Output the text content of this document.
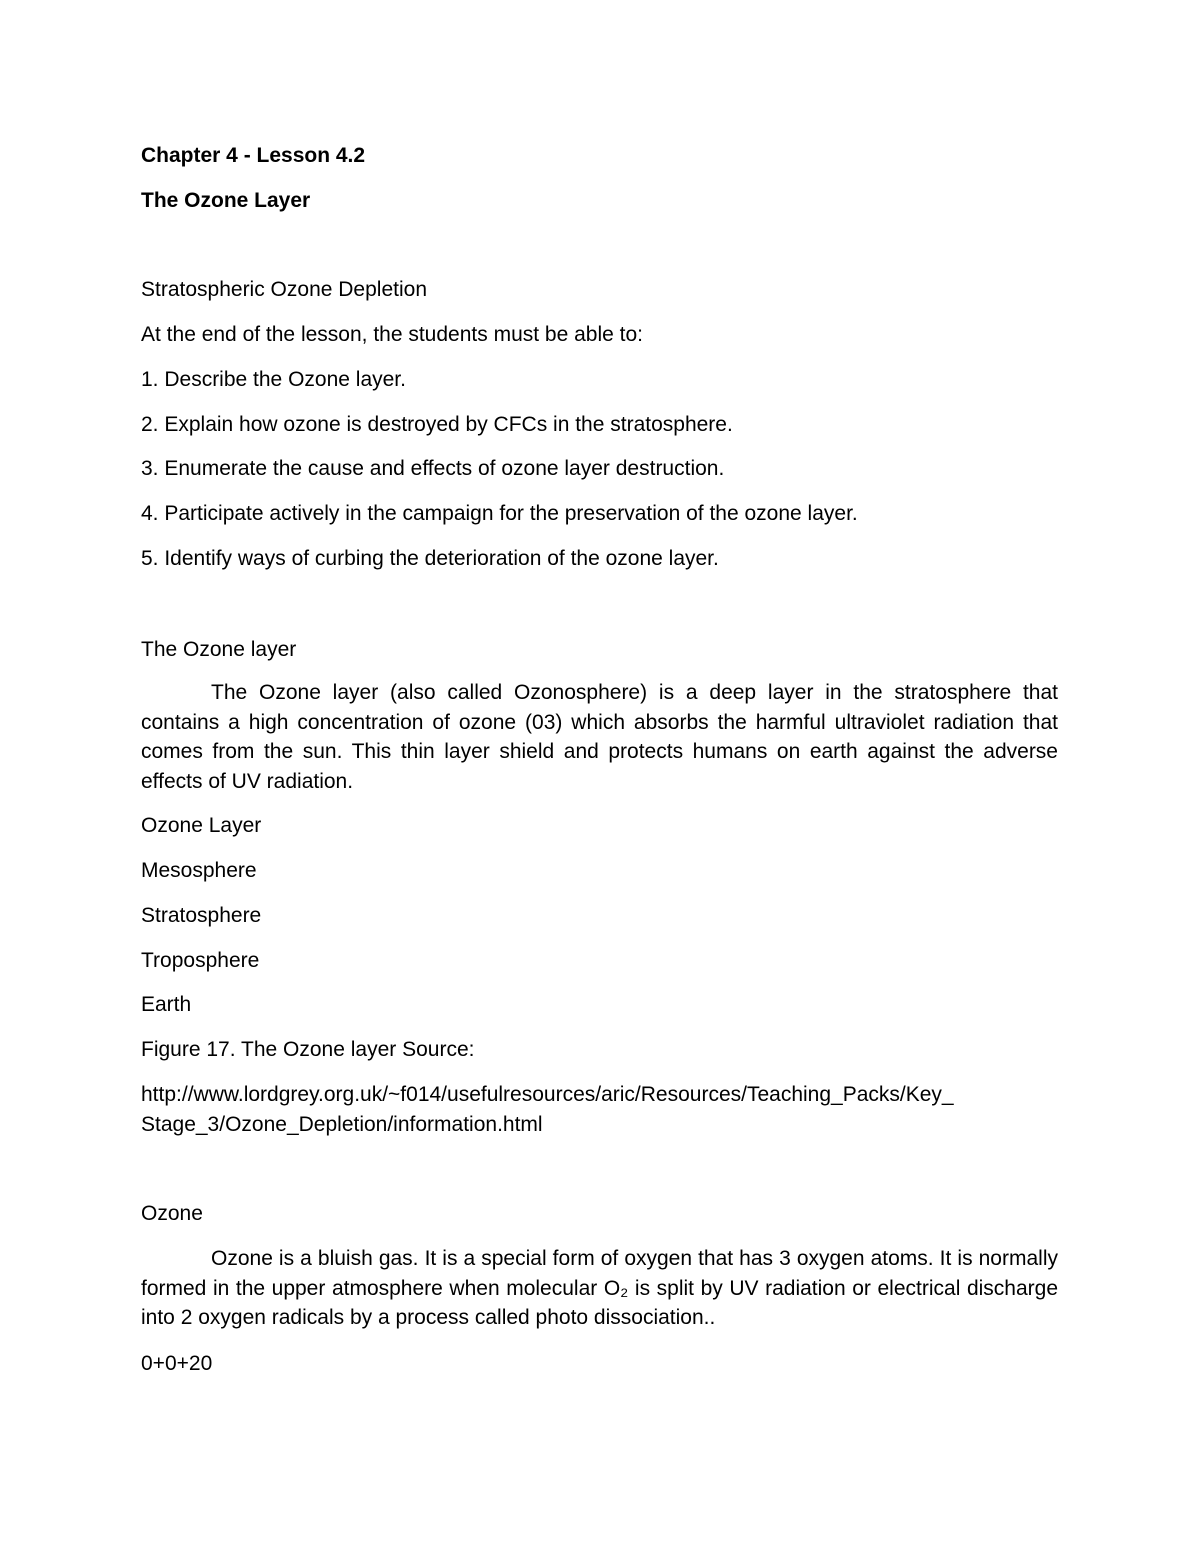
Chapter 4 - Lesson 4.2
The Ozone Layer
Stratospheric Ozone Depletion
At the end of the lesson, the students must be able to:
1. Describe the Ozone layer.
2. Explain how ozone is destroyed by CFCs in the stratosphere.
3. Enumerate the cause and effects of ozone layer destruction.
4. Participate actively in the campaign for the preservation of the ozone layer.
5. Identify ways of curbing the deterioration of the ozone layer.
The Ozone layer
The Ozone layer (also called Ozonosphere) is a deep layer in the stratosphere that contains a high concentration of ozone (03) which absorbs the harmful ultraviolet radiation that comes from the sun. This thin layer shield and protects humans on earth against the adverse effects of UV radiation.
Ozone Layer
Mesosphere
Stratosphere
Troposphere
Earth
Figure 17. The Ozone layer Source:
http://www.lordgrey.org.uk/~f014/usefulresources/aric/Resources/Teaching_Packs/Key_ Stage_3/Ozone_Depletion/information.html
Ozone
Ozone is a bluish gas. It is a special form of oxygen that has 3 oxygen atoms. It is normally formed in the upper atmosphere when molecular O₂ is split by UV radiation or electrical discharge into 2 oxygen radicals by a process called photo dissociation..
0+0+20
